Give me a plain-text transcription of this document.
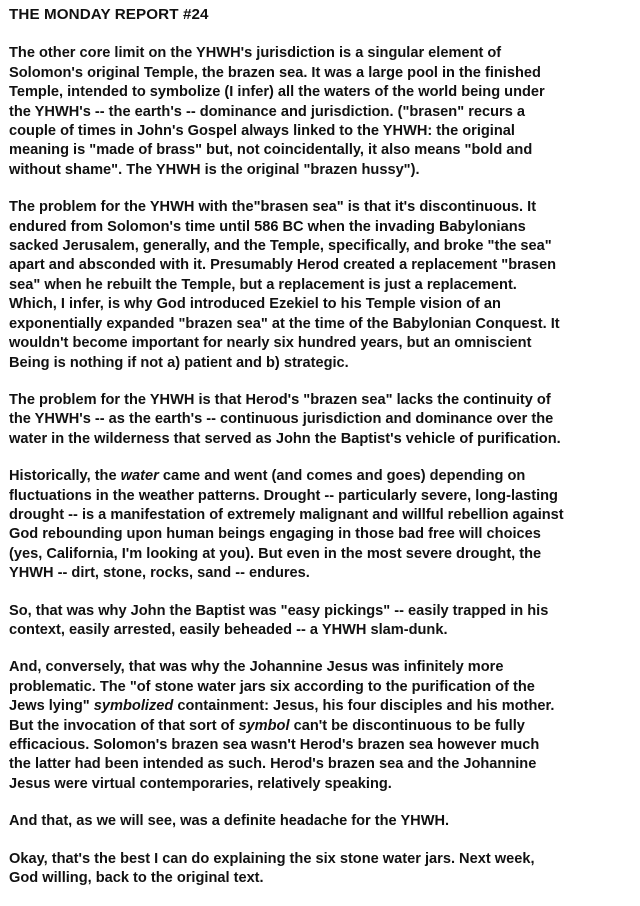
THE MONDAY REPORT #24
The other core limit on the YHWH's jurisdiction is a singular element of
Solomon's original Temple, the brazen sea. It was a large pool in the finished
Temple, intended to symbolize (I infer) all the waters of the world being under
the YHWH's -- the earth's -- dominance and jurisdiction. ("brasen" recurs a
couple of times in John's Gospel always linked to the YHWH: the original
meaning is "made of brass" but, not coincidentally, it also means "bold and
without shame". The YHWH is the original "brazen hussy").
The problem for the YHWH with the"brasen sea" is that it's discontinuous. It
endured from Solomon's time until 586 BC when the invading Babylonians
sacked Jerusalem, generally, and the Temple, specifically, and broke "the sea"
apart and absconded with it. Presumably Herod created a replacement "brasen
sea" when he rebuilt the Temple, but a replacement is just a replacement.
Which, I infer, is why God introduced Ezekiel to his Temple vision of an
exponentially expanded "brazen sea" at the time of the Babylonian Conquest. It
wouldn't become important for nearly six hundred years, but an omniscient
Being is nothing if not a) patient and b) strategic.
The problem for the YHWH is that Herod's "brazen sea" lacks the continuity of
the YHWH's -- as the earth's -- continuous jurisdiction and dominance over the
water in the wilderness that served as John the Baptist's vehicle of purification.
Historically, the water came and went (and comes and goes) depending on
fluctuations in the weather patterns. Drought -- particularly severe, long-lasting
drought -- is a manifestation of extremely malignant and willful rebellion against
God rebounding upon human beings engaging in those bad free will choices
(yes, California, I'm looking at you). But even in the most severe drought, the
YHWH -- dirt, stone, rocks, sand -- endures.
So, that was why John the Baptist was "easy pickings" -- easily trapped in his
context, easily arrested, easily beheaded -- a YHWH slam-dunk.
And, conversely, that was why the Johannine Jesus was infinitely more
problematic. The "of stone water jars six according to the purification of the
Jews lying" symbolized containment: Jesus, his four disciples and his mother.
But the invocation of that sort of symbol can't be discontinuous to be fully
efficacious. Solomon's brazen sea wasn't Herod's brazen sea however much
the latter had been intended as such. Herod's brazen sea and the Johannine
Jesus were virtual contemporaries, relatively speaking.
And that, as we will see, was a definite headache for the YHWH.
Okay, that's the best I can do explaining the six stone water jars. Next week,
God willing, back to the original text.
